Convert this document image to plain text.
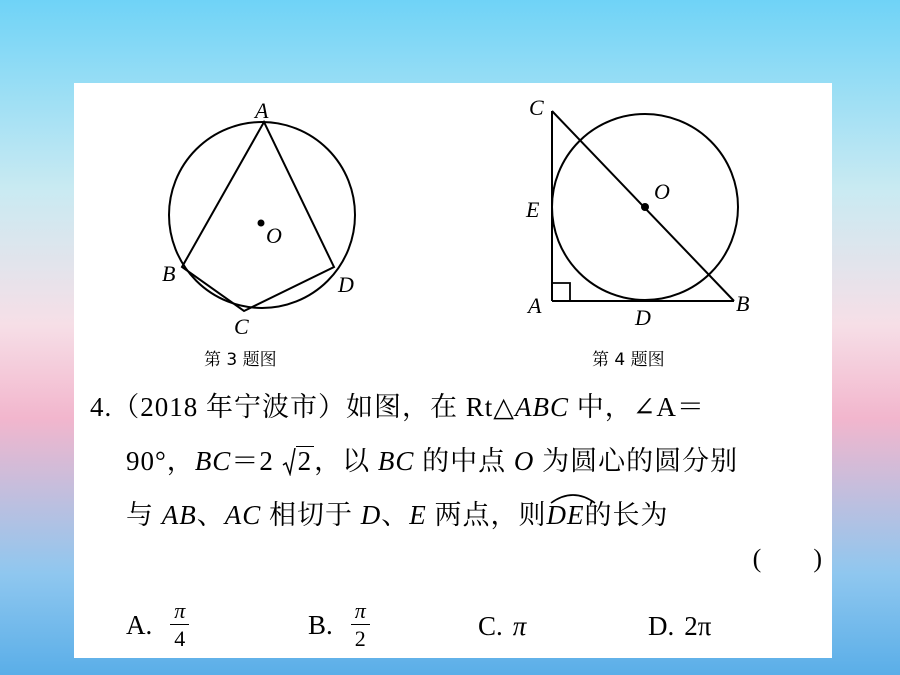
A
O
B	D
C
第 3 题图
C
E
O
A	D
B
第 4 题图
4.（2018 年宁波市）如图，在 Rt△ABC 中，∠A＝
90°，BC＝2
2，以 BC 的中点 O 为圆心的圆分别
与 AB、AC 相切于 D、E 两点，则
DE的长为
(　　)
A. $\frac{\pi}{4}$	B. $\frac{\pi}{2}$	C. π	D. 2π
